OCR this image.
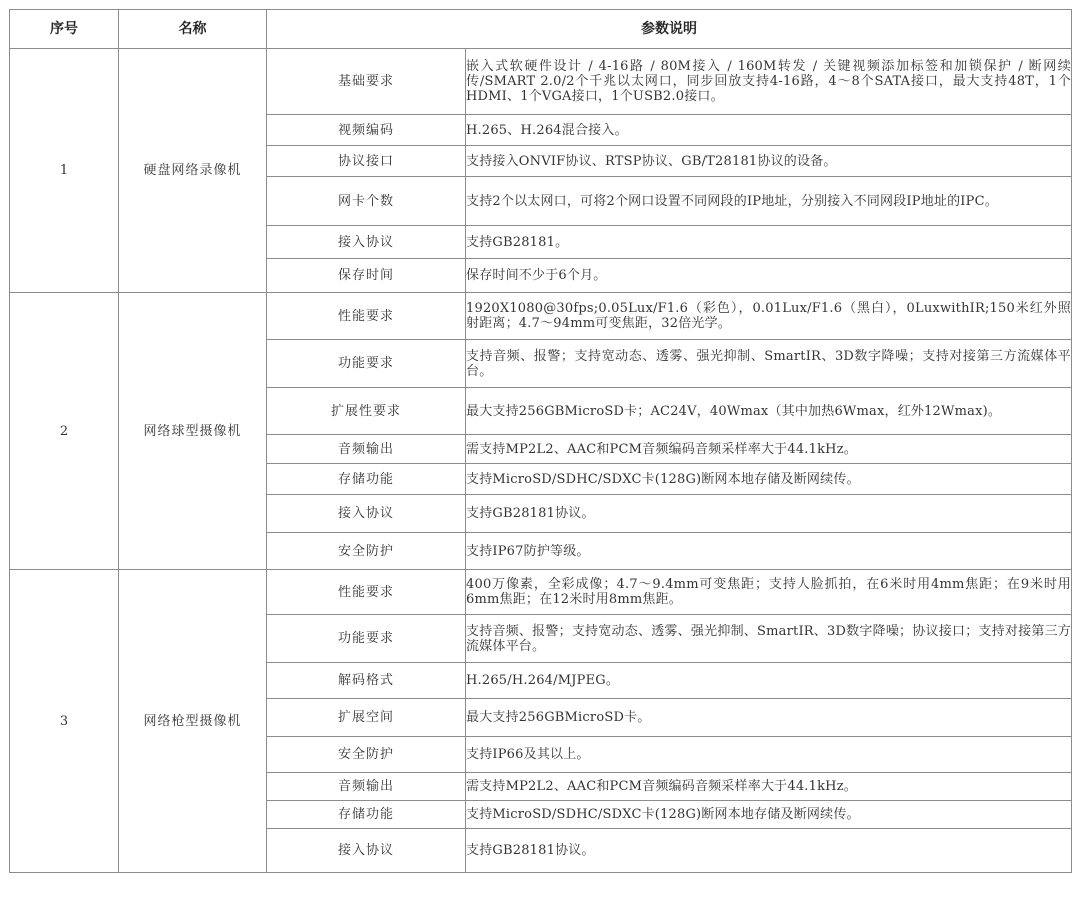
序号	名称	参数说明	
1	硬盘网络录像机	基础要求	嵌入式软硬件设计 / 4-16路 / 80M接入 / 160M转发 / 关键视频添加标签和加锁保护 / 断网续传/SMART 2.0/2个千兆以太网口，同步回放支持4-16路，4～8个SATA接口，最大支持48T，1个HDMI、1个VGA接口，1个USB2.0接口。
		视频编码	H.265、H.264混合接入。
		协议接口	支持接入ONVIF协议、RTSP协议、GB/T28181协议的设备。
		网卡个数	支持2个以太网口，可将2个网口设置不同网段的IP地址，分别接入不同网段IP地址的IPC。
		接入协议	支持GB28181。
		保存时间	保存时间不少于6个月。
2	网络球型摄像机	性能要求	1920X1080@30fps;0.05Lux/F1.6（彩色），0.01Lux/F1.6（黑白），0LuxwithIR;150米红外照射距离；4.7～94mm可变焦距，32倍光学。
		功能要求	支持音频、报警；支持宽动态、透雾、强光抑制、SmartIR、3D数字降噪；支持对接第三方流媒体平台。
		扩展性要求	最大支持256GBMicroSD卡；AC24V，40Wmax（其中加热6Wmax，红外12Wmax)。
		音频输出	需支持MP2L2、AAC和PCM音频编码音频采样率大于44.1kHz。
		存储功能	支持MicroSD/SDHC/SDXC卡(128G)断网本地存储及断网续传。
		接入协议	支持GB28181协议。
		安全防护	支持IP67防护等级。
3	网络枪型摄像机	性能要求	400万像素，全彩成像；4.7～9.4mm可变焦距；支持人脸抓拍，在6米时用4mm焦距；在9米时用6mm焦距；在12米时用8mm焦距。
		功能要求	支持音频、报警；支持宽动态、透雾、强光抑制、SmartIR、3D数字降噪；协议接口；支持对接第三方流媒体平台。
		解码格式	H.265/H.264/MJPEG。
		扩展空间	最大支持256GBMicroSD卡。
		安全防护	支持IP66及其以上。
		音频输出	需支持MP2L2、AAC和PCM音频编码音频采样率大于44.1kHz。
		存储功能	支持MicroSD/SDHC/SDXC卡(128G)断网本地存储及断网续传。
		接入协议	支持GB28181协议。
